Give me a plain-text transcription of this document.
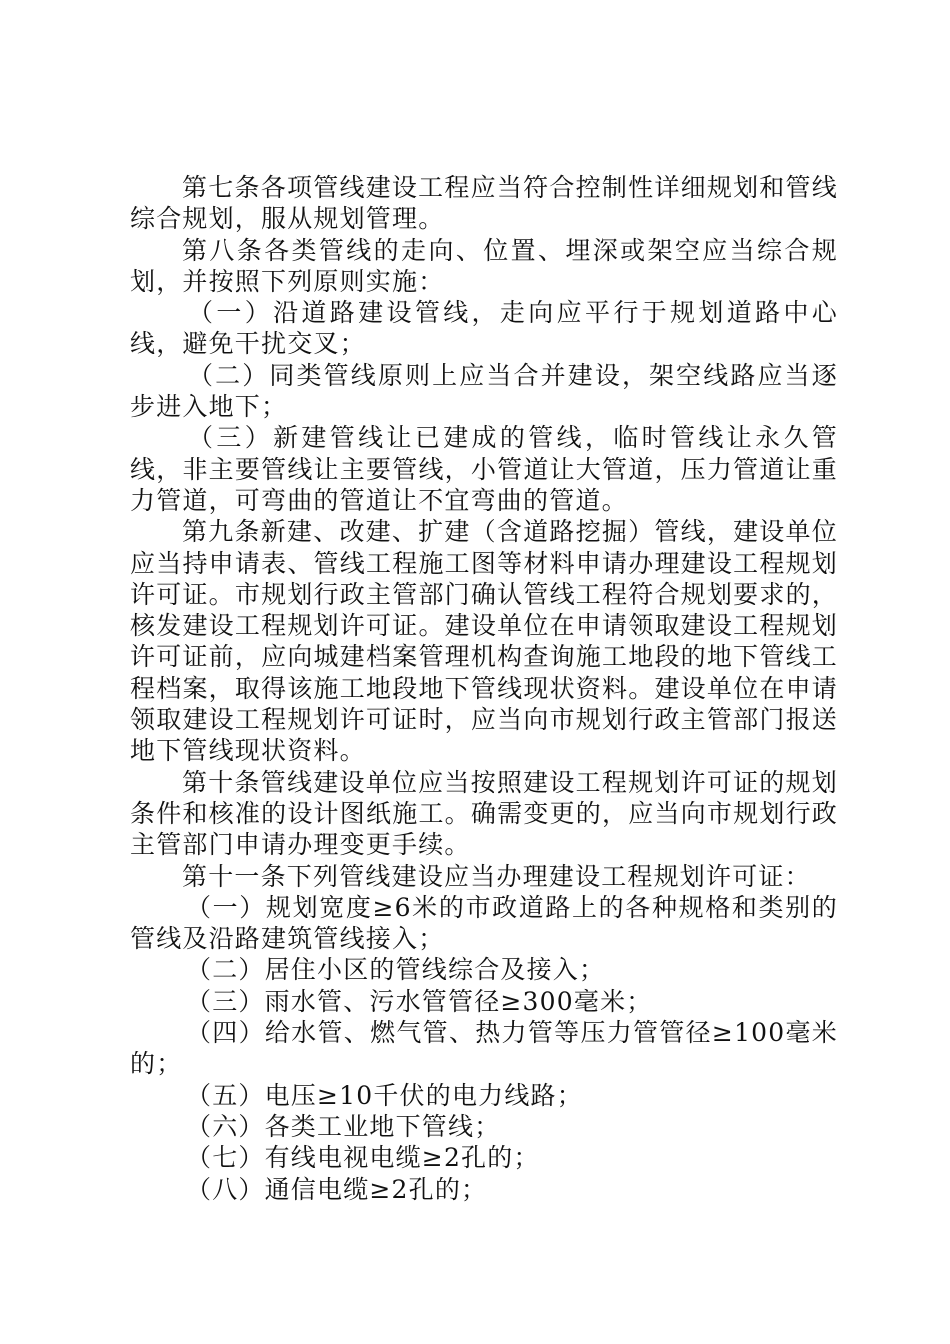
第七条各项管线建设工程应当符合控制性详细规划和管线综合规划，服从规划管理。

第八条各类管线的走向、位置、埋深或架空应当综合规划，并按照下列原则实施：

（一）沿道路建设管线，走向应平行于规划道路中心线，避免干扰交叉；

（二）同类管线原则上应当合并建设，架空线路应当逐步进入地下；

（三）新建管线让已建成的管线，临时管线让永久管线，非主要管线让主要管线，小管道让大管道，压力管道让重力管道，可弯曲的管道让不宜弯曲的管道。

第九条新建、改建、扩建（含道路挖掘）管线，建设单位应当持申请表、管线工程施工图等材料申请办理建设工程规划许可证。市规划行政主管部门确认管线工程符合规划要求的，核发建设工程规划许可证。建设单位在申请领取建设工程规划许可证前，应向城建档案管理机构查询施工地段的地下管线工程档案，取得该施工地段地下管线现状资料。建设单位在申请领取建设工程规划许可证时，应当向市规划行政主管部门报送地下管线现状资料。

第十条管线建设单位应当按照建设工程规划许可证的规划条件和核准的设计图纸施工。确需变更的，应当向市规划行政主管部门申请办理变更手续。

第十一条下列管线建设应当办理建设工程规划许可证：

（一）规划宽度≥6米的市政道路上的各种规格和类别的管线及沿路建筑管线接入；

（二）居住小区的管线综合及接入；

（三）雨水管、污水管管径≥300毫米；

（四）给水管、燃气管、热力管等压力管管径≥100毫米的；

（五）电压≥10千伏的电力线路；

（六）各类工业地下管线；

（七）有线电视电缆≥2孔的；

（八）通信电缆≥2孔的；
